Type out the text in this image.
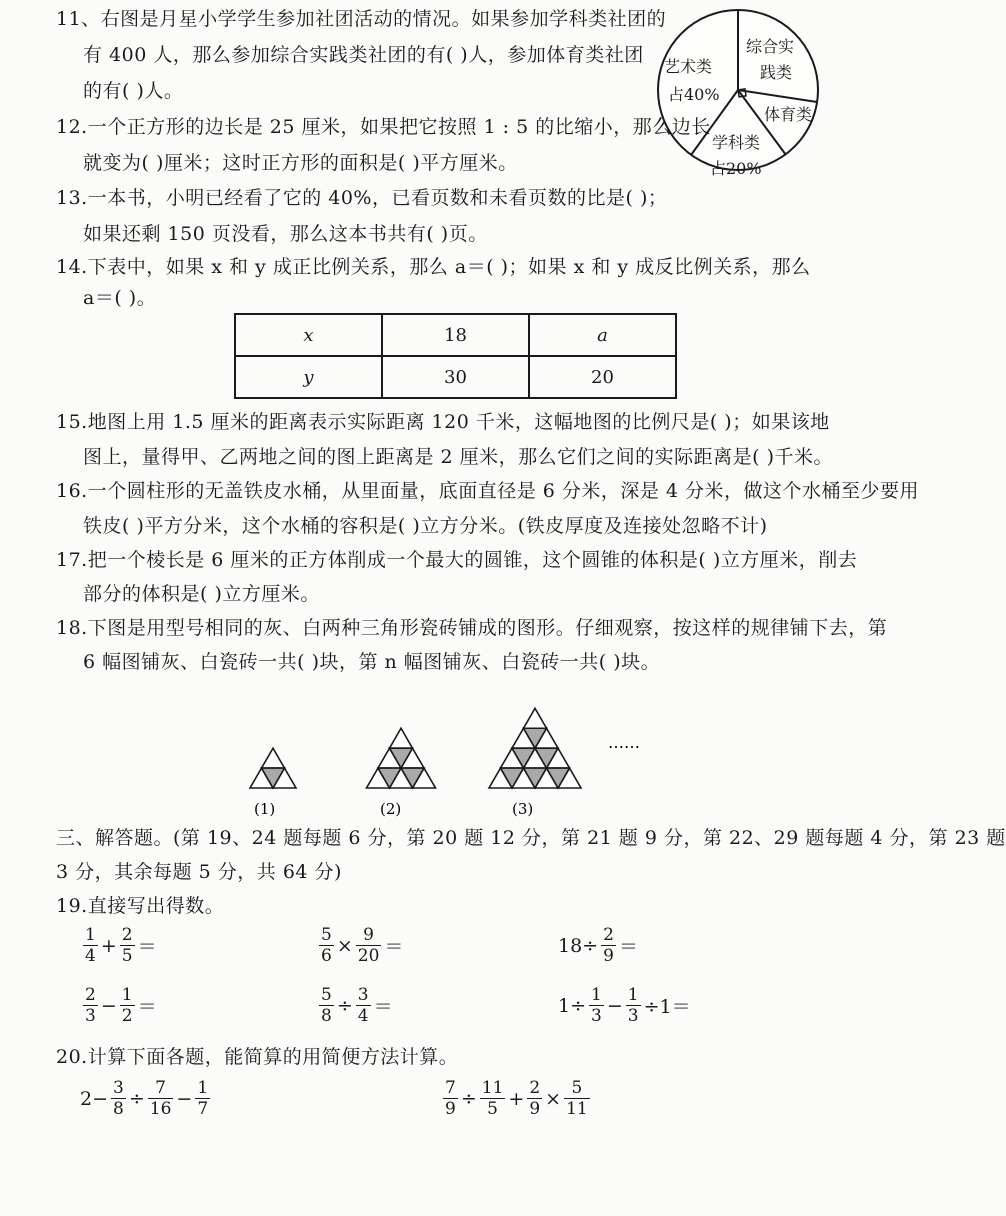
11、右图是月星小学学生参加社团活动的情况。如果参加学科类社团的
有 400 人，那么参加综合实践类社团的有( )人，参加体育类社团
的有( )人。
艺术类
占40%
综合实
践类
体育类
学科类
占20%
12.一个正方形的边长是 25 厘米，如果把它按照 1 : 5 的比缩小，那么边长
就变为( )厘米；这时正方形的面积是( )平方厘米。
13.一本书，小明已经看了它的 40%，已看页数和未看页数的比是( )；
如果还剩 150 页没看，那么这本书共有( )页。
14.下表中，如果 x 和 y 成正比例关系，那么 a＝( )；如果 x 和 y 成反比例关系，那么
a＝( )。
x	18	a
y	30	20
15.地图上用 1.5 厘米的距离表示实际距离 120 千米，这幅地图的比例尺是( )；如果该地
图上，量得甲、乙两地之间的图上距离是 2 厘米，那么它们之间的实际距离是( )千米。
16.一个圆柱形的无盖铁皮水桶，从里面量，底面直径是 6 分米，深是 4 分米，做这个水桶至少要用
铁皮( )平方分米，这个水桶的容积是( )立方分米。(铁皮厚度及连接处忽略不计)
17.把一个棱长是 6 厘米的正方体削成一个最大的圆锥，这个圆锥的体积是( )立方厘米，削去
部分的体积是( )立方厘米。
18.下图是用型号相同的灰、白两种三角形瓷砖铺成的图形。仔细观察，按这样的规律铺下去，第
6 幅图铺灰、白瓷砖一共( )块，第 n 幅图铺灰、白瓷砖一共( )块。
(1)	(2)	(3)
……
三、解答题。(第 19、24 题每题 6 分，第 20 题 12 分，第 21 题 9 分，第 22、29 题每题 4 分，第 23 题
3 分，其余每题 5 分，共 64 分)
19.直接写出得数。
$\frac{1}{4} + \frac{2}{5}$ ＝	$\frac{5}{6} \times \frac{9}{20}$ ＝	$18\div \frac{2}{9}$ ＝
$\frac{2}{3} - \frac{1}{2}$ ＝	$\frac{5}{8} \div \frac{3}{4}$ ＝	$1\div \frac{1}{3} - \frac{1}{3} \div 1=$
20.计算下面各题，能简算的用简便方法计算。
$2- \frac{3}{8} \div \frac{7}{16} - \frac{1}{7}$	$\frac{7}{9} \div \frac{11}{5} + \frac{2}{9} \times \frac{5}{11}$
